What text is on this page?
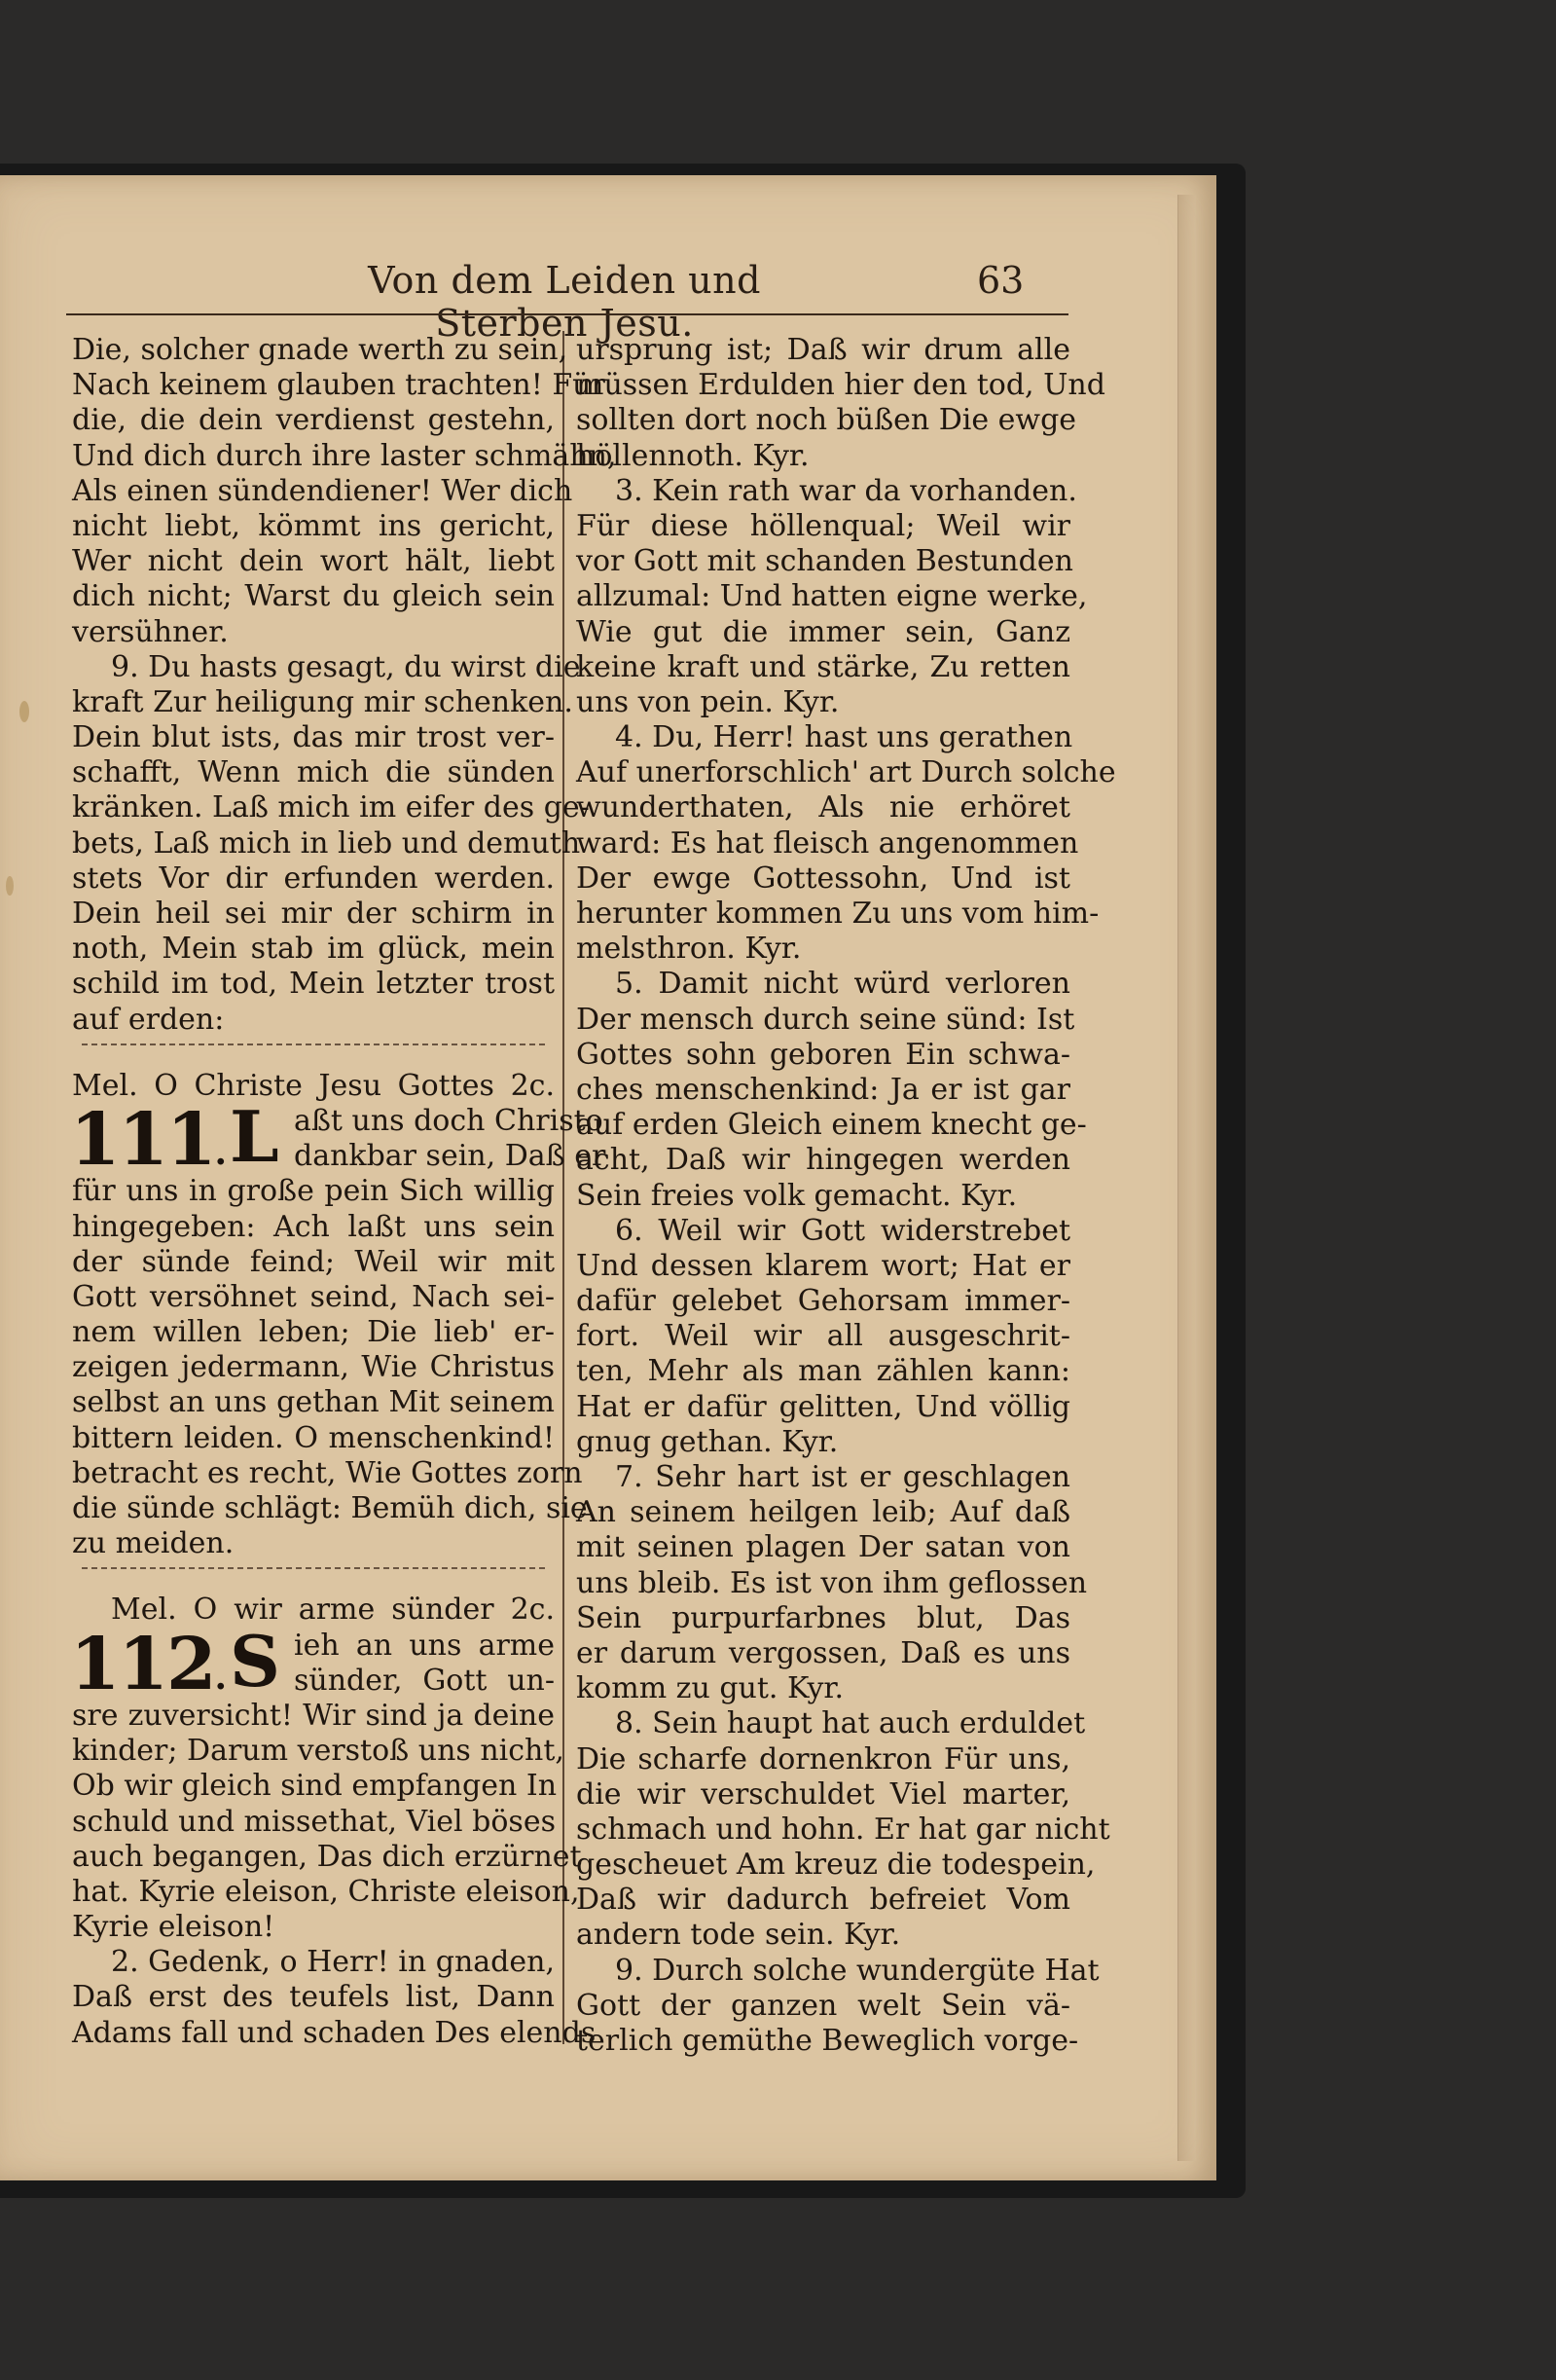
Von dem Leiden und Sterben Jesu.
63
Die, solcher gnade werth zu sein,
Nach keinem glauben trachten! Für
die, die dein verdienst gestehn,
Und dich durch ihre laster schmähn,
Als einen sündendiener! Wer dich
nicht liebt, kömmt ins gericht,
Wer nicht dein wort hält, liebt
dich nicht; Warst du gleich sein
versühner.
9. Du hasts gesagt, du wirst die
kraft Zur heiligung mir schenken.
Dein blut ists, das mir trost ver-
schafft, Wenn mich die sünden
kränken. Laß mich im eifer des ge-
bets, Laß mich in lieb und demuth
stets Vor dir erfunden werden.
Dein heil sei mir der schirm in
noth, Mein stab im glück, mein
schild im tod, Mein letzter trost
auf erden:
Mel. O Christe Jesu Gottes 2c.
111. L aßt uns doch Christo
dankbar sein, Daß er
für uns in große pein Sich willig
hingegeben: Ach laßt uns sein
der sünde feind; Weil wir mit
Gott versöhnet seind, Nach sei-
nem willen leben; Die lieb' er-
zeigen jedermann, Wie Christus
selbst an uns gethan Mit seinem
bittern leiden. O menschenkind!
betracht es recht, Wie Gottes zorn
die sünde schlägt: Bemüh dich, sie
zu meiden.
Mel. O wir arme sünder 2c.
112. S ieh an uns arme
sünder, Gott un-
sre zuversicht! Wir sind ja deine
kinder; Darum verstoß uns nicht,
Ob wir gleich sind empfangen In
schuld und missethat, Viel böses
auch begangen, Das dich erzürnet
hat. Kyrie eleison, Christe eleison,
Kyrie eleison!
2. Gedenk, o Herr! in gnaden,
Daß erst des teufels list, Dann
Adams fall und schaden Des elends
ursprung ist; Daß wir drum alle
müssen Erdulden hier den tod, Und
sollten dort noch büßen Die ewge
höllennoth. Kyr.
3. Kein rath war da vorhanden.
Für diese höllenqual; Weil wir
vor Gott mit schanden Bestunden
allzumal: Und hatten eigne werke,
Wie gut die immer sein, Ganz
keine kraft und stärke, Zu retten
uns von pein. Kyr.
4. Du, Herr! hast uns gerathen
Auf unerforschlich' art Durch solche
wunderthaten, Als nie erhöret
ward: Es hat fleisch angenommen
Der ewge Gottessohn, Und ist
herunter kommen Zu uns vom him-
melsthron. Kyr.
5. Damit nicht würd verloren
Der mensch durch seine sünd: Ist
Gottes sohn geboren Ein schwa-
ches menschenkind: Ja er ist gar
auf erden Gleich einem knecht ge-
acht, Daß wir hingegen werden
Sein freies volk gemacht. Kyr.
6. Weil wir Gott widerstrebet
Und dessen klarem wort; Hat er
dafür gelebet Gehorsam immer-
fort. Weil wir all ausgeschrit-
ten, Mehr als man zählen kann:
Hat er dafür gelitten, Und völlig
gnug gethan. Kyr.
7. Sehr hart ist er geschlagen
An seinem heilgen leib; Auf daß
mit seinen plagen Der satan von
uns bleib. Es ist von ihm geflossen
Sein purpurfarbnes blut, Das
er darum vergossen, Daß es uns
komm zu gut. Kyr.
8. Sein haupt hat auch erduldet
Die scharfe dornenkron Für uns,
die wir verschuldet Viel marter,
schmach und hohn. Er hat gar nicht
gescheuet Am kreuz die todespein,
Daß wir dadurch befreiet Vom
andern tode sein. Kyr.
9. Durch solche wundergüte Hat
Gott der ganzen welt Sein vä-
terlich gemüthe Beweglich vorge-
